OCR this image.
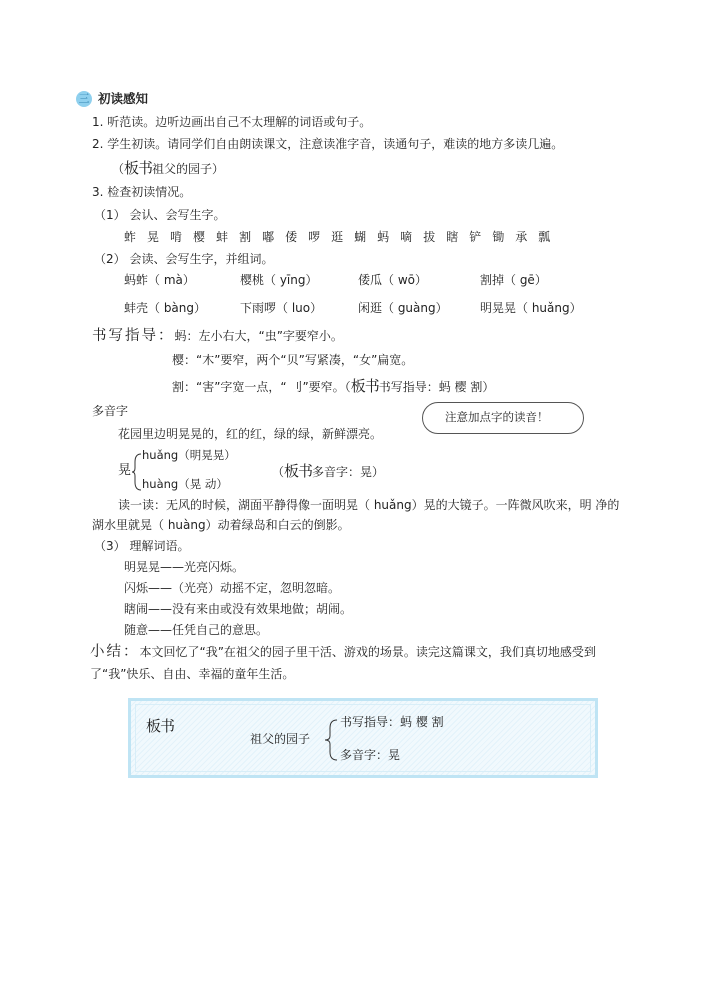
三 初读感知
1. 听范读。边听边画出自己不太理解的词语或句子。
2. 学生初读。请同学们自由朗读课文，注意读准字音，读通句子，难读的地方多读几遍。
（板书祖父的园子）
3. 检查初读情况。
（1） 会认、会写生字。
蚱 晃 啃 樱 蚌 割 嘟 倭 啰 逛 蝴 蚂 嘀 拔 瞎 铲 锄 承 瓢
（2） 会读、会写生字，并组词。
蚂蚱（ mà）	樱桃（ yīng）	倭瓜（ wō）	割掉（ gē）
蚌壳（ bàng）	下雨啰（ luo）	闲逛（ guàng）	明晃晃（ huǎng）
书写指导：蚂：左小右大，“虫”字要窄小。
樱：“木”要窄，两个“贝”写紧凑，“女”扁宽。
割：“害”字宽一点，“ 刂”要窄。（板书书写指导：蚂 樱 割）
多音字	注意加点字的读音！
花园里边明晃晃的，红的红，绿的绿，新鲜漂亮。
晃
huǎng（明晃晃）
huàng（晃 动）
（板书多音字：晃）
读一读：无风的时候，湖面平静得像一面明晃（ huǎng）晃的大镜子。一阵微风吹来，明 净的
湖水里就晃（ huàng）动着绿岛和白云的倒影。
（3） 理解词语。
明晃晃——光亮闪烁。
闪烁——（光亮）动摇不定，忽明忽暗。
瞎闹——没有来由或没有效果地做；胡闹。
随意——任凭自己的意思。
小结：本文回忆了“我”在祖父的园子里干活、游戏的场景。读完这篇课文，我们真切地感受到
了“我”快乐、自由、幸福的童年生活。
板书
祖父的园子
书写指导：蚂 樱 割
多音字：晃
